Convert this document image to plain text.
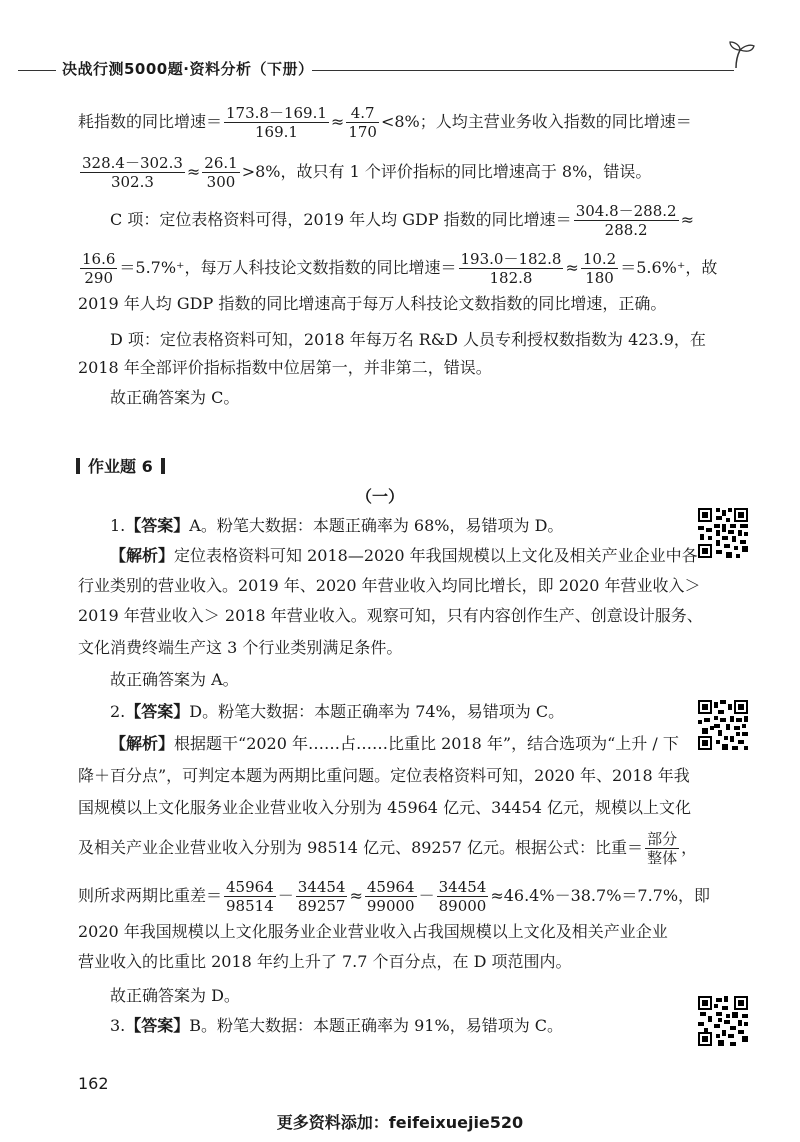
决战行测5000题·资料分析（下册）
耗指数的同比增速＝ $\frac{173.8-169.1}{169.1} \approx \frac{4.7}{170} <8\%$；人均主营业务收入指数的同比增速＝
$\frac{328.4-302.3}{302.3} \approx \frac{26.1}{300} >8\%$，故只有 1 个评价指标的同比增速高于 8%，错误。
C 项：定位表格资料可得，2019 年人均 GDP 指数的同比增速＝ $\frac{304.8-288.2}{288.2}$ ≈
$\frac{16.6}{290} =5.7\%^+$，每万人科技论文数指数的同比增速＝ $\frac{193.0-182.8}{182.8} \approx \frac{10.2}{180} =5.6\%^+$，故
2019 年人均 GDP 指数的同比增速高于每万人科技论文数指数的同比增速，正确。
D 项：定位表格资料可知，2018 年每万名 R&D 人员专利授权数指数为 423.9，在
2018 年全部评价指标指数中位居第一，并非第二，错误。
故正确答案为 C。
作业题 6
（一）
1.【答案】A。粉笔大数据：本题正确率为 68%，易错项为 D。
【解析】定位表格资料可知 2018—2020 年我国规模以上文化及相关产业企业中各
行业类别的营业收入。2019 年、2020 年营业收入均同比增长，即 2020 年营业收入＞
2019 年营业收入＞ 2018 年营业收入。观察可知，只有内容创作生产、创意设计服务、
文化消费终端生产这 3 个行业类别满足条件。
故正确答案为 A。
2.【答案】D。粉笔大数据：本题正确率为 74%，易错项为 C。
【解析】根据题干“2020 年……占……比重比 2018 年”，结合选项为“上升 / 下
降＋百分点”，可判定本题为两期比重问题。定位表格资料可知，2020 年、2018 年我
国规模以上文化服务业企业营业收入分别为 45964 亿元、34454 亿元，规模以上文化
及相关产业企业营业收入分别为 98514 亿元、89257 亿元。根据公式：比重＝ $\frac{\text{部分}}{\text{整体}}$ ，
则所求两期比重差＝ $\frac{45964}{98514} - \frac{34454}{89257} \approx \frac{45964}{99000} - \frac{34454}{89000} \approx 46.4\%-38.7\%=7.7\%$，即
2020 年我国规模以上文化服务业企业营业收入占我国规模以上文化及相关产业企业
营业收入的比重比 2018 年约上升了 7.7 个百分点，在 D 项范围内。
故正确答案为 D。
3.【答案】B。粉笔大数据：本题正确率为 91%，易错项为 C。
162
更多资料添加：feifeixuejie520
